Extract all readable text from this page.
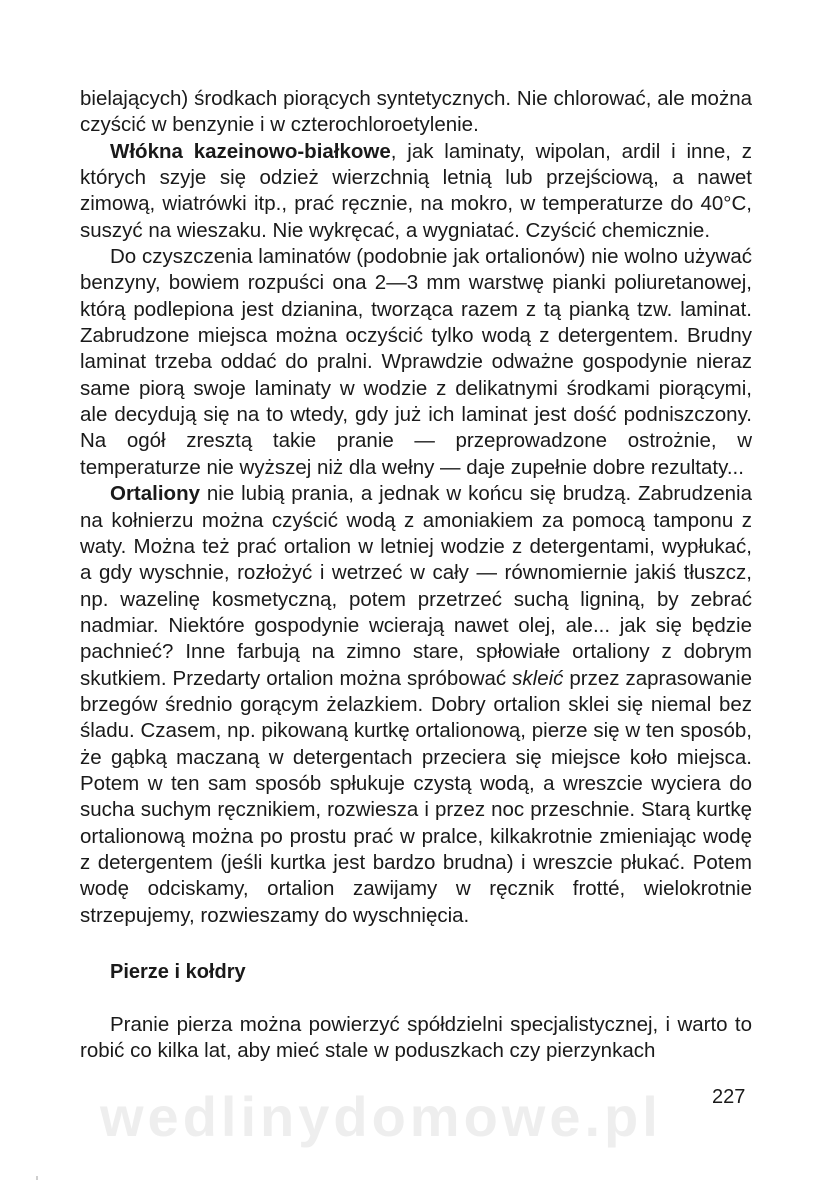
bielających) środkach piorących syntetycznych. Nie chlorować, ale można czyścić w benzynie i w czterochloroetylenie.

Włókna kazeinowo-białkowe, jak laminaty, wipolan, ardil i inne, z których szyje się odzież wierzchnią letnią lub przejściową, a nawet zimową, wiatrówki itp., prać ręcznie, na mokro, w temperaturze do 40°C, suszyć na wieszaku. Nie wykręcać, a wygniatać. Czyścić chemicznie.

Do czyszczenia laminatów (podobnie jak ortalionów) nie wolno używać benzyny, bowiem rozpuści ona 2—3 mm warstwę pianki poliuretanowej, którą podlepiona jest dzianina, tworząca razem z tą pianką tzw. laminat. Zabrudzone miejsca można oczyścić tylko wodą z detergentem. Brudny laminat trzeba oddać do pralni. Wprawdzie odważne gospodynie nieraz same piorą swoje laminaty w wodzie z delikatnymi środkami piorącymi, ale decydują się na to wtedy, gdy już ich laminat jest dość podniszczony. Na ogół zresztą takie pranie — przeprowadzone ostrożnie, w temperaturze nie wyższej niż dla wełny — daje zupełnie dobre rezultaty...

Ortaliony nie lubią prania, a jednak w końcu się brudzą. Zabrudzenia na kołnierzu można czyścić wodą z amoniakiem za pomocą tamponu z waty. Można też prać ortalion w letniej wodzie z detergentami, wypłukać, a gdy wyschnie, rozłożyć i wetrzeć w cały — równomiernie jakiś tłuszcz, np. wazelinę kosmetyczną, potem przetrzeć suchą ligniną, by zebrać nadmiar. Niektóre gospodynie wcierają nawet olej, ale... jak się będzie pachnieć? Inne farbują na zimno stare, spłowiałe ortaliony z dobrym skutkiem. Przedarty ortalion można spróbować skleić przez zaprasowanie brzegów średnio gorącym żelazkiem. Dobry ortalion sklei się niemal bez śladu. Czasem, np. pikowaną kurtkę ortalionową, pierze się w ten sposób, że gąbką maczaną w detergentach przeciera się miejsce koło miejsca. Potem w ten sam sposób spłukuje czystą wodą, a wreszcie wyciera do sucha suchym ręcznikiem, rozwiesza i przez noc przeschnie. Starą kurtkę ortalionową można po prostu prać w pralce, kilkakrotnie zmieniając wodę z detergentem (jeśli kurtka jest bardzo brudna) i wreszcie płukać. Potem wodę odciskamy, ortalion zawijamy w ręcznik frotté, wielokrotnie strzepujemy, rozwieszamy do wyschnięcia.

Pierze i kołdry

Pranie pierza można powierzyć spółdzielni specjalistycznej, i warto to robić co kilka lat, aby mieć stale w poduszkach czy pierzynkach

wedlinydomowe.pl	227
